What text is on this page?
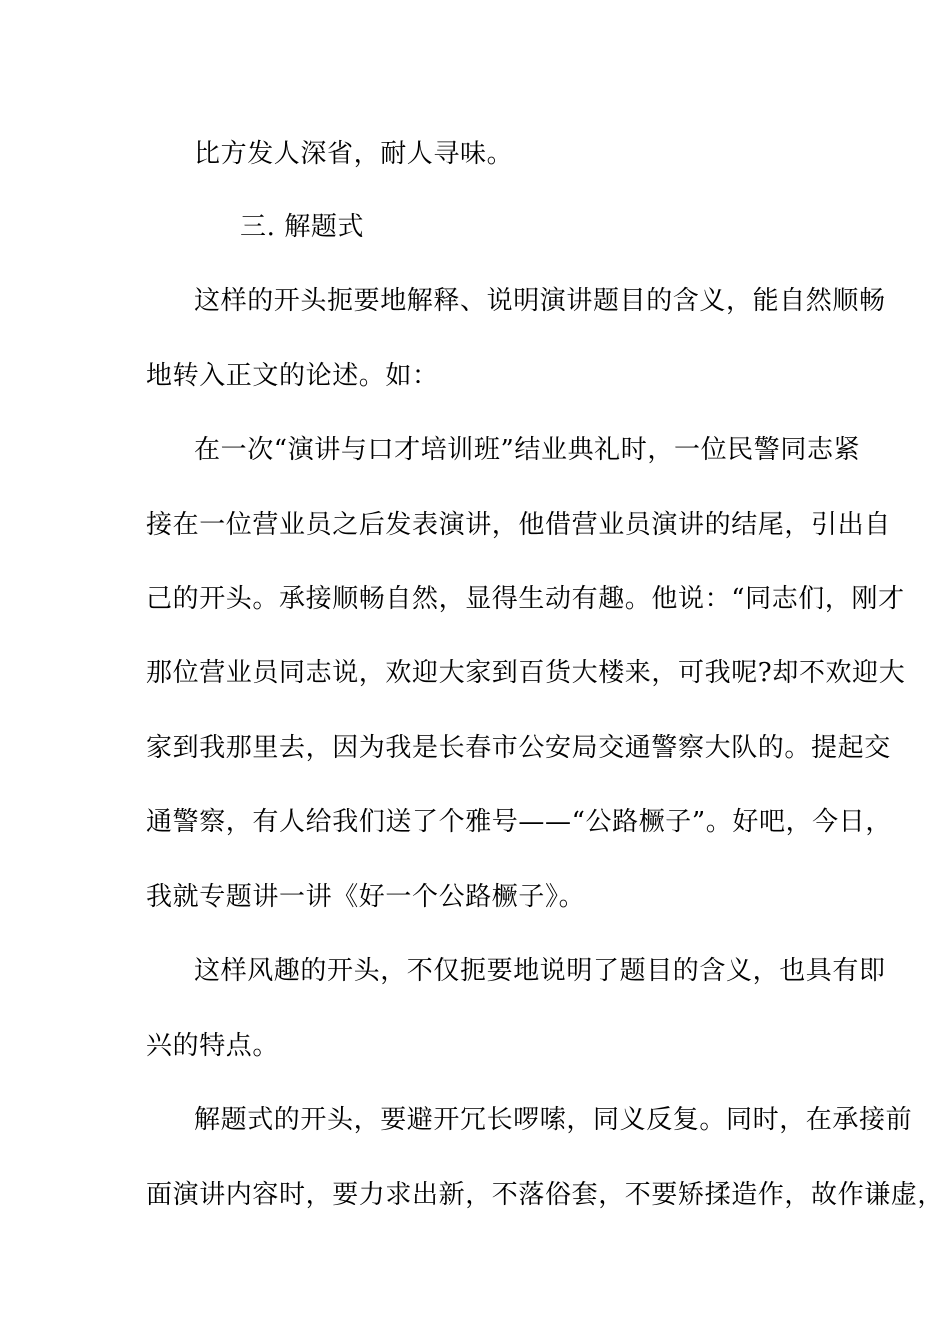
比方发人深省，耐人寻味。
三. 解题式
这样的开头扼要地解释、说明演讲题目的含义，能自然顺畅
地转入正文的论述。如：
在一次“演讲与口才培训班”结业典礼时，一位民警同志紧
接在一位营业员之后发表演讲，他借营业员演讲的结尾，引出自
己的开头。承接顺畅自然，显得生动有趣。他说：“同志们，刚才
那位营业员同志说，欢迎大家到百货大楼来，可我呢?却不欢迎大
家到我那里去，因为我是长春市公安局交通警察大队的。提起交
通警察，有人给我们送了个雅号——“公路橛子”。好吧，今日，
我就专题讲一讲《好一个公路橛子》。
这样风趣的开头，不仅扼要地说明了题目的含义，也具有即
兴的特点。
解题式的开头，要避开冗长啰嗦，同义反复。同时，在承接前
面演讲内容时，要力求出新，不落俗套，不要矫揉造作，故作谦虚，
